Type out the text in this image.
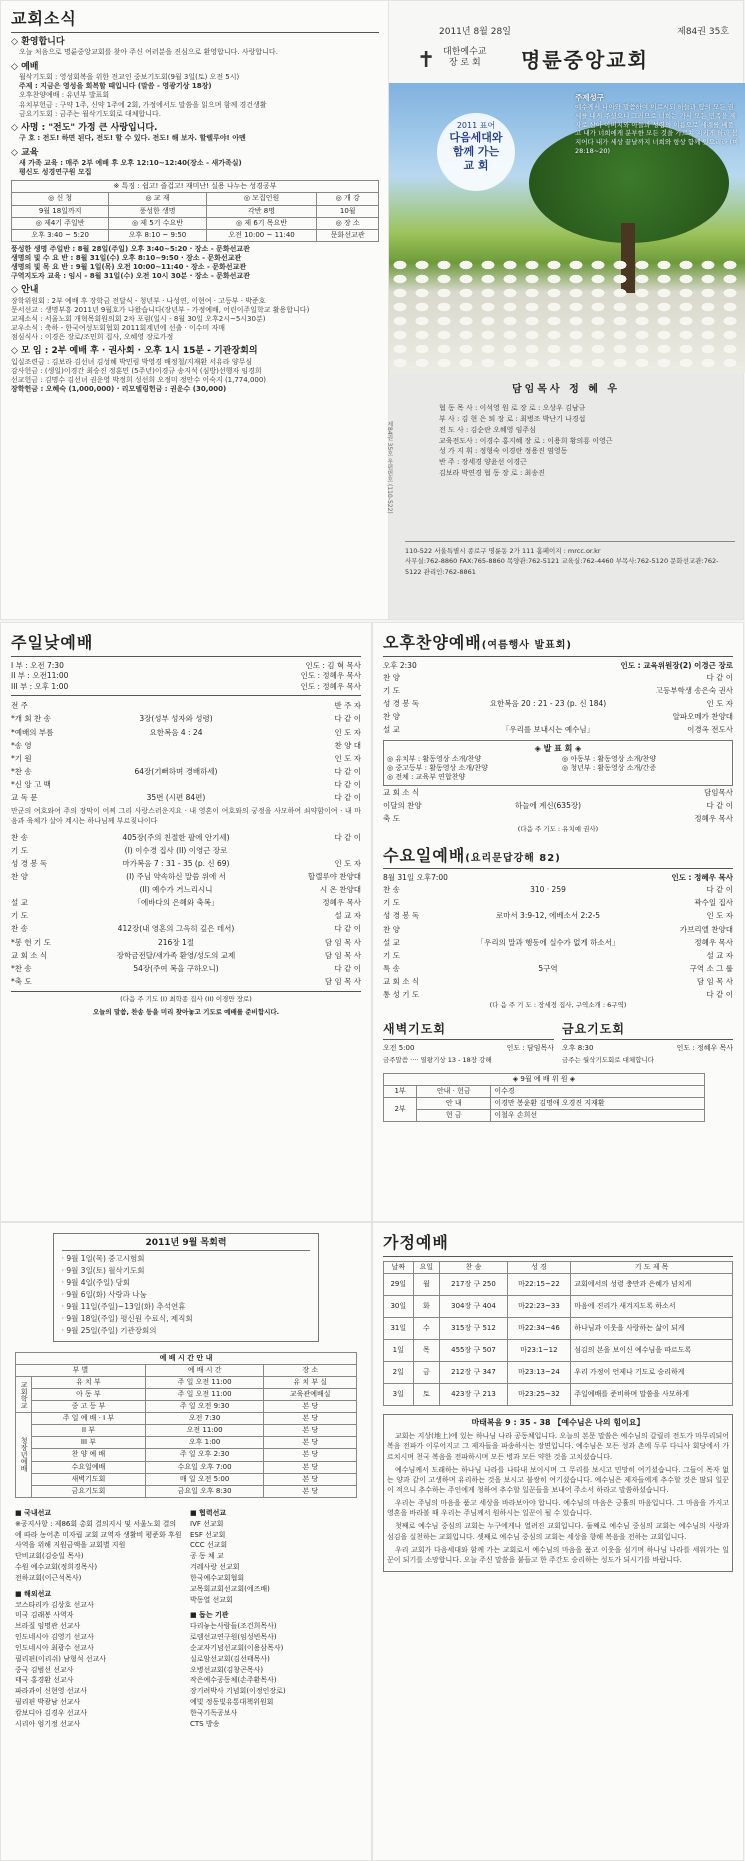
교회소식
◇ 환영합니다
오늘 처음으로 명륜중앙교회를 찾아 주신 여러분을 진심으로 환영합니다. 사랑합니다.
◇ 예배
월삭기도회 : 영성회복을 위한 전교인 중보기도회(9월 3일(토) 오전 5시)
주제 : 지금은 영성을 회복할 때입니다 (말씀 - 영광기상 18장)
오후찬양예배 : 유년부 발표회
유치부헌금 : 구약 1주, 신약 1주에 2회, 가정에서도 말씀을 읽으며 함께 경건생활
금요기도회 : 금주는 월삭기도회로 대체합니다.
◇ 사명 : "전도" 가정 큰 사랑입니다.
구 호 : 전도! 하면 된다, 전도! 할 수 있다. 전도! 해 보자. 할렐루야! 아멘
◇ 교육
새 가족 교육 : 매주 2부 예배 후 오후 12:10~12:40(장소 - 새가족실)
평신도 성경연구원 모집
※ 특징 : 쉽고! 즐겁고! 재미난! 실용 나누는 성경공부			
◎ 신 청	◎ 교 재	◎ 모집인원	◎ 개 강
9월 18일까지	풍성한 생명	각반 8명	10월
◎ 제4기 주일반	◎ 제 5기 수요반	◎ 제 6기 목요반	◎ 장 소
오후 3:40 ~ 5:20	오후 8:10 ~ 9:50	오전 10:00 ~ 11:40	문화선교관
풍성한 생명 주일반 : 8월 28일(주일) 오후 3:40~5:20 · 장소 - 문화선교관
생명의 빛 수 요 반 : 8월 31일(수) 오후 8:10~9:50 · 장소 - 문화선교관
생명의 빛 목 요 반 : 9월 1일(목) 오전 10:00~11:40 · 장소 - 문화선교관
구역지도자 교육 : 임시 - 8월 31일(수) 오전 10시 30분 · 장소 - 문화선교관
◇ 안내
장학위원회 : 2부 예배 후 장학금 전달식 - 청년부 · 나성연, 이현여 · 고등부 · 박준호
문서선교 : 생명부흥 2011년 9월호가 나왔습니다(장년부 - 가정예배, 어린이주일학교 활용합니다)
교제소식 : 서울노회 개혁목회원의회 2차 포럼(일시 - 8월 30일 오후2시~5시30분)
교우소식 : 축하 - 한국여성도회협회 2011회계년에 선출 · 이수미 자매
점심식사 : 이경은 장로/조민희 집사, 오혜영 장로가정
◇ 모 임 : 2부 예배 후 · 권사회 · 오후 1시 15분 - 기관장회의
입실조련금 : 김보라 김선녀 김성혜 박민림 박영경 배정철/지재환 서유라 양무심
감사헌금 : (생일)이경간 최승진 정훈민 (5주년)이경규 송지석 (심방)선행자 임경희
선교헌금 : 김명수 김선녀 권운영 박정희 성선희 오정미 정안수 이숙지 (1,774,000)
장학헌금 : 오혜숙 (1,000,000) · 리모델링헌금 : 권운수 (30,000)
2011년 8월 28일	제84권 35호
✝ 대한예수교
장 로 회 명륜중앙교회
2011 표어
다음세대와
함께 가는
교 회
주제성구
예수께서 나아와 말씀하여 이르시되 하늘과 땅의 모든 권세를 내게 주셨으니 그러므로 너희는 가서 모든 민족을 제자로 삼아 아버지와 아들과 성령의 이름으로 세례를 베풀고 내가 너희에게 분부한 모든 것을 가르쳐 지키게 하라 볼지어다 내가 세상 끝날까지 너희와 항상 함께 있으리라 (마 28:18~20)
담임목사 정 혜 우
협 동 목 사 : 이석영 원 로 장 로 : 오상우 김남규
부 사 : 김 현 은 퇴 장 로 : 최병조 박난기 나경섭
전 도 사 : 김순란 오혜영 임주심
교육전도사 : 이경수 홍지혜 장 로 : 이용희 황의룡 이영근
성 가 지 휘 : 정형숙 이경란 정용진 염영동
반 주 : 장세경 양윤선 이경근
김보라 박연경 협 동 장 로 : 최송진
110-522 서울특별시 종로구 명륜동 2가 111 홈페이지 : mrcc.or.kr
사무실:762-8860 FAX:765-8860 목양관:762-5121 교육실:762-4460 부목사:762-5120 문화선교관:762-5122 관리인:762-8861
제84권 35호 우편번호 (110-522)
주일낮예배
I 부 : 오전 7:30
II 부 : 오전11:00
III 부 : 오후 1:00
인도 : 김 혁 목사
인도 : 정혜우 목사
인도 : 정혜우 목사
전 주	반 주 자
*개 회 찬 송	3장(성부 성자와 성령)	다 같 이
*예배의 부름	요한복음 4 : 24	인 도 자
*송 영	찬 양 대
*기 원	인 도 자
*찬 송	64장(기뻐하며 경배하세)	다 같 이
*신 앙 고 백	다 같 이
교 독 문	35번 (시편 84편)	다 같 이
만군의 여호와여 주의 장막이 어찌 그리 사랑스러운지요 · 내 영혼이 여호와의 궁정을 사모하여 쇠약함이여 · 내 마음과 육체가 살아 계시는 하나님께 부르짖나이다
찬 송	405장(주의 친절한 팔에 안기세)	다 같 이
기 도	(I) 이수경 집사 (II) 이영근 장로
성 경 봉 독	마가복음 7 : 31 - 35 (p. 신 69)	인 도 자
찬 양	(I) 주님 약속하신 말씀 위에 서	할렐루야 찬양대
(II) 예수가 거느리시니	시 온 찬양대
설 교	「에바다의 은혜와 축복」	정혜우 목사
기 도	설 교 자
찬 송	412장(내 영혼의 그윽히 깊은 데서)	다 같 이
*봉 헌 기 도	216장 1절	담 임 목 사
교 회 소 식	장학금전달/새가족 환영/성도의 교제	담 임 목 사
*찬 송	54장(주여 복을 구하오니)	다 같 이
*축 도	담 임 목 사
(다음 주 기도 (I) 최학종 집사 (II) 이경만 장로)
오늘의 말씀, 찬송 등을 미리 찾아놓고 기도로 예배를 준비합시다.
오후찬양예배(여름행사 발표회)
오후 2:30	인도 : 교육위원장(2) 이경근 장로
찬 양	다 같 이
기 도	고등부학생 송은숙 권사
성 경 봉 독	요한복음 20 : 21 - 23 (p. 신 184)	인 도 자
찬 양	알파오메가 찬양대
설 교	「우리를 보내시는 예수님」	이경옥 전도사
◈ 발 표 회 ◈
◎ 유치부 : 활동영상 소개/찬양
◎ 중고등부 : 활동영상 소개/찬양
◎ 전체 : 교육부 연합찬양
◎ 아동부 : 활동영상 소개/찬양
◎ 청년부 : 활동영상 소개/간증
교 회 소 식	담임목사
이달의 찬양	하늘에 계신(635장)	다 같 이
축 도	정혜우 목사
(다음 주 기도 : 유치예 권사)
수요일예배(요리문답강해 82)
8월 31일 오후7:00	인도 : 정혜우 목사
찬 송	310 · 259	다 같 이
기 도	곽수일 집사
성 경 봉 독	로마서 3:9-12, 에베소서 2:2-5	인 도 자
찬 양	가브리엘 찬양대
설 교	「우리의 말과 행동에 실수가 없게 하소서」	정혜우 목사
기 도	설 교 자
특 송	5구역	구역 소 그 룹
교 회 소 식	담 임 목 사
통 성 기 도	다 같 이
(다 음 주 기 도 : 장세정 집사, 구역소개 : 6구역)
새벽기도회
오전 5:00	인도 : 담임목사
금주말씀 ···· 열왕기상 13 - 18장 강해
금요기도회
오후 8:30	인도 : 정혜우 목사
금주는 월삭기도회로 대체합니다
◈ 9월 예 배 위 원 ◈		
1부	안내 · 헌금	이수경
2부	안 내	이경만 봉윤환 김명애 오경진 지재환
	헌 금	이철우 손희선
2011년 9월 목회력
· 9월 1일(목) 중고시험회
· 9월 3일(토) 월삭기도회
· 9월 4일(주일) 당회
· 9월 6일(화) 사랑과 나눔
· 9월 11일(주일)~13일(화) 추석연휴
· 9월 18일(주일) 평신원 수료식, 제직회
· 9월 25일(주일) 기관장회의
예 배 시 간 안 내			
부 별		예 배 시 간	장 소
교회학교	유 치 부	주 일 오전 11:00	유 치 부 실
	아 동 부	주 일 오전 11:00	교육관예배실
	중 고 등 부	주 일 오전 9:30	본 당
청장년예배	주 일 예 배 · I 부	오전 7:30	본 당
	II 부	오전 11:00	본 당
	III 부	오후 1:00	본 당
	찬 양 예 배	주 일 오후 2:30	본 당
	수요일예배	수요일 오후 7:00	본 당
	새벽기도회	매 일 오전 5:00	본 당
	금요기도회	금요일 오후 8:30	본 당
■ 국내선교
※공지사항 : 제86회 총회 결의지시 및 서울노회 결의에 따라 농어촌 미자립 교회 교역자 생활비 평준화 후원 사역을 위해 지원금액을 교회별 지원
단비교회(김승일 목사)
수원 예수교회(정희경목사)
전하교회(이근석목사)
■ 해외선교
코스타리카 김상호 선교사
미국 김래봉 사역자
브라질 임명관 선교사
인도네시아 김영기 선교사
인도네시아 최광수 선교사
필리핀(이리쉬) 남형석 선교사
중국 김범선 선교사
태국 홍경환 선교사
파라과이 신현영 선교사
필리핀 박광남 선교사
캄보디아 김경우 선교사
시리아 엄기정 선교사
■ 협력선교
IVF 선교회
ESF 선교회
CCC 선교회
공 동 체 교
겨레사랑 선교회
한국예수교회협회
교목회교회선교회(에즈배)
박동열 선교회
■ 돕는 기관
다리놓는사람들(조건희목사)
로뎀선교연구원(임성빈목사)
순교자기념선교회(이용삼목사)
실로암선교회(김선태목사)
오병선교회(김창곤목사)
작은예수공동체(손주환목사)
장기려박사 기념회(이정인장로)
예빛 정동빛유통대책위원회
한국기독공보사
CTS 방송
가정예배
날짜	요일	찬 송	성 경	기 도 제 목
29일	월	217장 구 250	마22:15~22	교회에서의 성령 충만과 은혜가 넘치게
30일	화	304장 구 404	마22:23~33	마음에 진리가 새겨지도록 하소서
31일	수	315장 구 512	마22:34~46	하나님과 이웃을 사랑하는 삶이 되게
1일	목	455장 구 507	마23:1~12	섬김의 본을 보이신 예수님을 따르도록
2일	금	212장 구 347	마23:13~24	우리 가정이 언제나 기도로 승리하게
3일	토	423장 구 213	마23:25~32	주일예배를 준비하며 말씀을 사모하게
마태복음 9 : 35 - 38 【예수님은 나의 힘이요】
교회는 지상(地上)에 있는 하나님 나라 공동체입니다. 오늘의 본문 말씀은 예수님의 갈릴리 전도가 마무리되어 복음 전파가 이루어지고 그 제자들을 파송하시는 장면입니다. 예수님은 모든 성과 촌에 두루 다니사 회당에서 가르치시며 천국 복음을 전파하시며 모든 병과 모든 약한 것을 고치셨습니다.
예수님께서 도래하는 하나님 나라를 나타내 보이시며 그 무리를 보시고 민망히 여기셨습니다. 그들이 목자 없는 양과 같이 고생하며 유리하는 것을 보시고 불쌍히 여기셨습니다. 예수님은 제자들에게 추수할 것은 많되 일꾼이 적으니 추수하는 주인에게 청하여 추수할 일꾼들을 보내어 주소서 하라고 말씀하셨습니다.
우리는 주님의 마음을 품고 세상을 바라보아야 합니다. 예수님의 마음은 긍휼의 마음입니다. 그 마음을 가지고 영혼을 바라볼 때 우리는 주님께서 원하시는 일꾼이 될 수 있습니다.
첫째로 예수님 중심의 교회는 누구에게나 열려진 교회입니다. 둘째로 예수님 중심의 교회는 예수님의 사랑과 섬김을 실천하는 교회입니다. 셋째로 예수님 중심의 교회는 세상을 향해 복음을 전하는 교회입니다.
우리 교회가 다음세대와 함께 가는 교회로서 예수님의 마음을 품고 이웃을 섬기며 하나님 나라를 세워가는 일꾼이 되기를 소망합니다. 오늘 주신 말씀을 붙들고 한 주간도 승리하는 성도가 되시기를 바랍니다.
